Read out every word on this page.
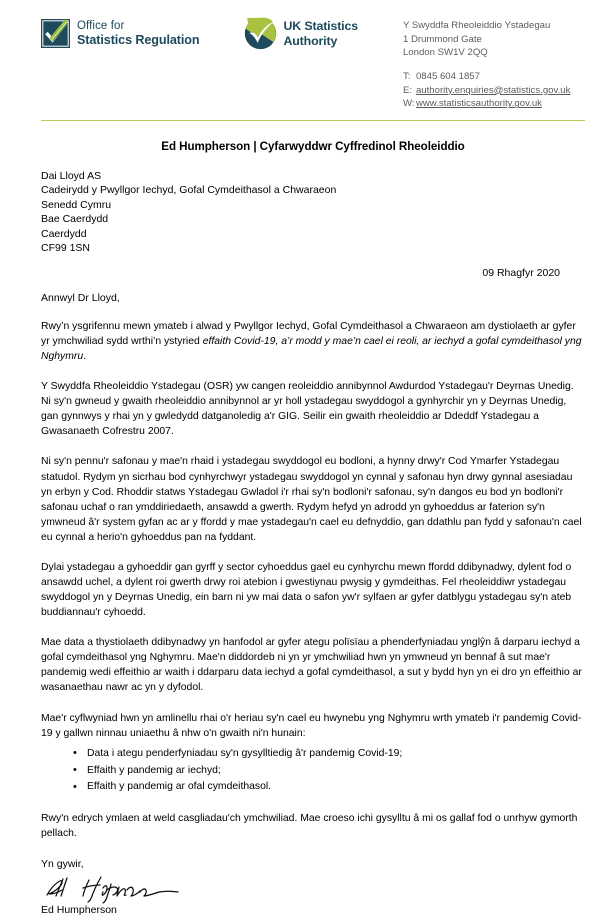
Office for
Statistics Regulation
UK Statistics
Authority
Y Swyddfa Rheoleiddio Ystadegau
1 Drummond Gate
London SW1V 2QQ
T: 0845 604 1857
E: authority.enquiries@statistics.gov.uk
W:www.statisticsauthority.gov.uk
Ed Humpherson | Cyfarwyddwr Cyffredinol Rheoleiddio
Dai Lloyd AS
Cadeirydd y Pwyllgor Iechyd, Gofal Cymdeithasol a Chwaraeon
Senedd Cymru
Bae Caerdydd
Caerdydd
CF99 1SN
09 Rhagfyr 2020
Annwyl Dr Lloyd,

Rwy’n ysgrifennu mewn ymateb i alwad y Pwyllgor Iechyd, Gofal Cymdeithasol a Chwaraeon am dystiolaeth ar gyfer yr ymchwiliad sydd wrthi’n ystyried effaith Covid-19, a’r modd y mae’n cael ei reoli, ar iechyd a gofal cymdeithasol yng Nghymru.

Y Swyddfa Rheoleiddio Ystadegau (OSR) yw cangen reoleiddio annibynnol Awdurdod Ystadegau'r Deyrnas Unedig. Ni sy'n gwneud y gwaith rheoleiddio annibynnol ar yr holl ystadegau swyddogol a gynhyrchir yn y Deyrnas Unedig, gan gynnwys y rhai yn y gwledydd datganoledig a'r GIG. Seilir ein gwaith rheoleiddio ar Ddeddf Ystadegau a Gwasanaeth Cofrestru 2007.

Ni sy'n pennu'r safonau y mae'n rhaid i ystadegau swyddogol eu bodloni, a hynny drwy'r Cod Ymarfer Ystadegau statudol. Rydym yn sicrhau bod cynhyrchwyr ystadegau swyddogol yn cynnal y safonau hyn drwy gynnal asesiadau yn erbyn y Cod. Rhoddir statws Ystadegau Gwladol i'r rhai sy'n bodloni'r safonau, sy'n dangos eu bod yn bodloni'r safonau uchaf o ran ymddiriedaeth, ansawdd a gwerth. Rydym hefyd yn adrodd yn gyhoeddus ar faterion sy'n ymwneud â'r system gyfan ac ar y ffordd y mae ystadegau'n cael eu defnyddio, gan ddathlu pan fydd y safonau'n cael eu cynnal a herio'n gyhoeddus pan na fyddant.

Dylai ystadegau a gyhoeddir gan gyrff y sector cyhoeddus gael eu cynhyrchu mewn ffordd ddibynadwy, dylent fod o ansawdd uchel, a dylent roi gwerth drwy roi atebion i gwestiynau pwysig y gymdeithas. Fel rheoleiddiwr ystadegau swyddogol yn y Deyrnas Unedig, ein barn ni yw mai data o safon yw'r sylfaen ar gyfer datblygu ystadegau sy'n ateb buddiannau'r cyhoedd.

Mae data a thystiolaeth ddibynadwy yn hanfodol ar gyfer ategu polïsïau a phenderfyniadau ynglŷn â darparu iechyd a gofal cymdeithasol yng Nghymru. Mae'n diddordeb ni yn yr ymchwiliad hwn yn ymwneud yn bennaf â sut mae'r pandemig wedi effeithio ar waith i ddarparu data iechyd a gofal cymdeithasol, a sut y bydd hyn yn ei dro yn effeithio ar wasanaethau nawr ac yn y dyfodol.

Mae'r cyflwyniad hwn yn amlinellu rhai o'r heriau sy'n cael eu hwynebu yng Nghymru wrth ymateb i'r pandemig Covid-19 y gallwn ninnau uniaethu â nhw o'n gwaith ni'n hunain:

• Data i ategu penderfyniadau sy'n gysylltiedig â'r pandemig Covid-19;
• Effaith y pandemig ar iechyd;
• Effaith y pandemig ar ofal cymdeithasol.

Rwy'n edrych ymlaen at weld casgliadau'ch ymchwiliad. Mae croeso ichi gysylltu â mi os gallaf fod o unrhyw gymorth pellach.

Yn gywir,
Ed Humpherson
